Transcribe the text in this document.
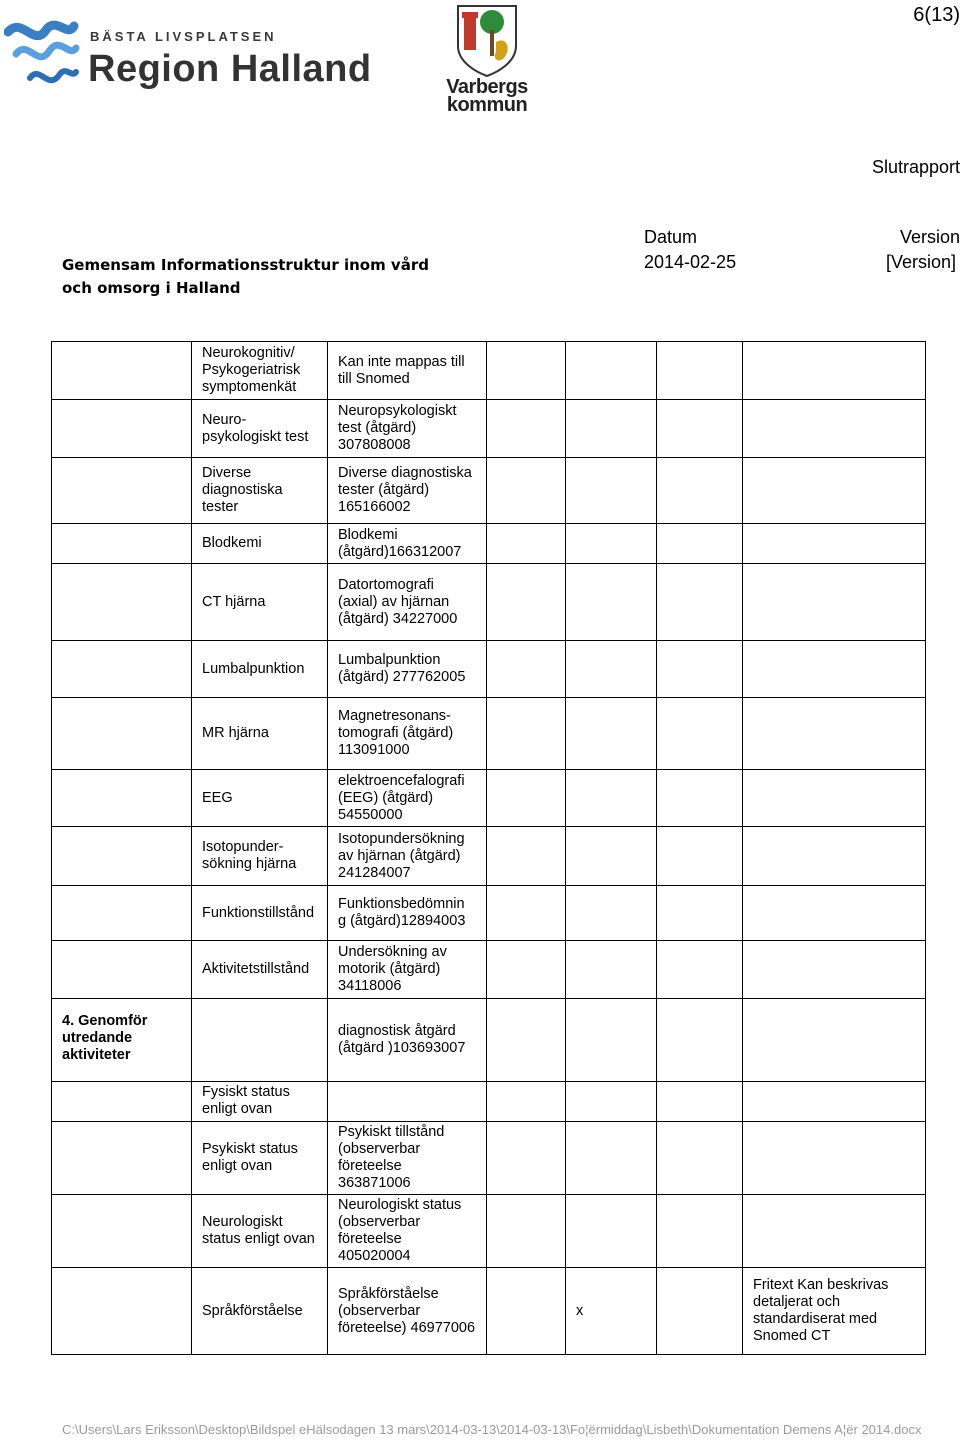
6(13)
BÄSTA LIVSPLATSEN
Region Halland	Varbergs
kommun
Slutrapport
Gemensam Informationsstruktur inom vård
och omsorg i Halland
Datum
2014-02-25
Version
[Version]
	Neurokognitiv/ Psykogeriatrisk symptomenkät	Kan inte mappas till till Snomed				
	Neuro-psykologiskt test	Neuropsykologiskt test (åtgärd) 307808008				
	Diverse diagnostiska tester	Diverse diagnostiska tester (åtgärd) 165166002				
	Blodkemi	Blodkemi (åtgärd)166312007				
	CT hjärna	Datortomografi (axial) av hjärnan (åtgärd) 34227000				
	Lumbalpunktion	Lumbalpunktion (åtgärd) 277762005				
	MR hjärna	Magnetresonans-tomografi (åtgärd) 113091000				
	EEG	elektroencefalografi (EEG) (åtgärd) 54550000				
	Isotopunder-sökning hjärna	Isotopundersökning av hjärnan (åtgärd) 241284007				
	Funktionstillstånd	Funktionsbedömnin g (åtgärd)12894003				
	Aktivitetstillstånd	Undersökning av motorik (åtgärd) 34118006				
4. Genomför utredande aktiviteter		diagnostisk åtgärd (åtgärd )103693007				
	Fysiskt status enligt ovan					
	Psykiskt status enligt ovan	Psykiskt tillstånd (observerbar företeelse 363871006				
	Neurologiskt status enligt ovan	Neurologiskt status (observerbar företeelse 405020004				
	Språkförståelse	Språkförståelse (observerbar företeelse) 46977006		x		Fritext Kan beskrivas detaljerat och standardiserat med Snomed CT
C:\Users\Lars Eriksson\Desktop\Bildspel eHälsodagen 13 mars\2014-03-13\2014-03-13\Fo¦ërmiddag\Lisbeth\Dokumentation Demens A¦ër 2014.docx
